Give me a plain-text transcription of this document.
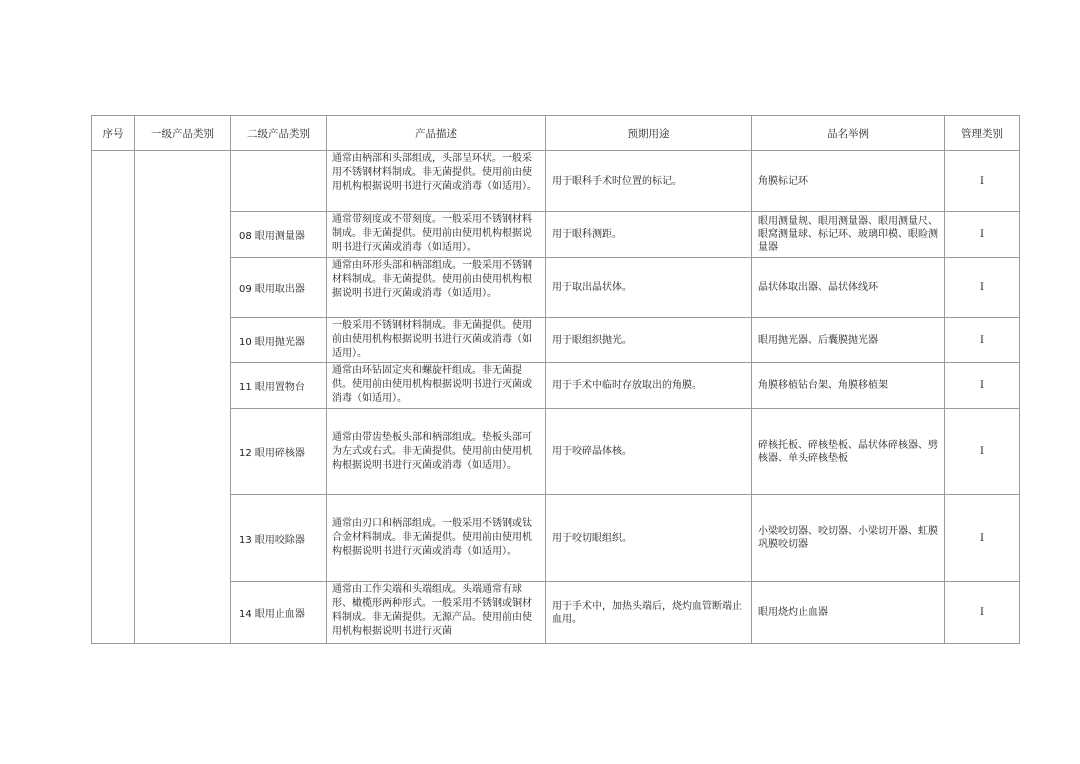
序号	一级产品类别	二级产品类别	产品描述	预期用途	品名举例	管理类别
			通常由柄部和头部组成，头部呈环状。一般采用不锈钢材料制成。非无菌提供。使用前由使用机构根据说明书进行灭菌或消毒（如适用）。	用于眼科手术时位置的标记。	角膜标记环	I
		08 眼用测量器	通常带刻度或不带刻度。一般采用不锈钢材料制成。非无菌提供。使用前由使用机构根据说明书进行灭菌或消毒（如适用）。	用于眼科测距。	眼用测量规、眼用测量器、眼用测量尺、眼窝测量球、标记环、玻璃印模、眼睑测量器	I
		09 眼用取出器	通常由环形头部和柄部组成。一般采用不锈钢材料制成。非无菌提供。使用前由使用机构根据说明书进行灭菌或消毒（如适用）。	用于取出晶状体。	晶状体取出器、晶状体线环	I
		10 眼用抛光器	一般采用不锈钢材料制成。非无菌提供。使用前由使用机构根据说明书进行灭菌或消毒（如适用）。	用于眼组织抛光。	眼用抛光器、后囊膜抛光器	I
		11 眼用置物台	通常由环钻固定夹和螺旋杆组成。非无菌提供。使用前由使用机构根据说明书进行灭菌或消毒（如适用）。	用于手术中临时存放取出的角膜。	角膜移植钻台架、角膜移植架	I
		12 眼用碎核器	通常由带齿垫板头部和柄部组成。垫板头部可为左式或右式。非无菌提供。使用前由使用机构根据说明书进行灭菌或消毒（如适用）。	用于咬碎晶体核。	碎核托板、碎核垫板、晶状体碎核器、劈核器、单头碎核垫板	I
		13 眼用咬除器	通常由刃口和柄部组成。一般采用不锈钢或钛合金材料制成。非无菌提供。使用前由使用机构根据说明书进行灭菌或消毒（如适用）。	用于咬切眼组织。	小梁咬切器、咬切器、小梁切开器、虹膜巩膜咬切器	I
		14 眼用止血器	通常由工作尖端和头端组成。头端通常有球形、橄榄形两种形式。一般采用不锈钢或铜材料制成。非无菌提供。无源产品。使用前由使用机构根据说明书进行灭菌	用于手术中，加热头端后，烧灼血管断端止血用。	眼用烧灼止血器	I
